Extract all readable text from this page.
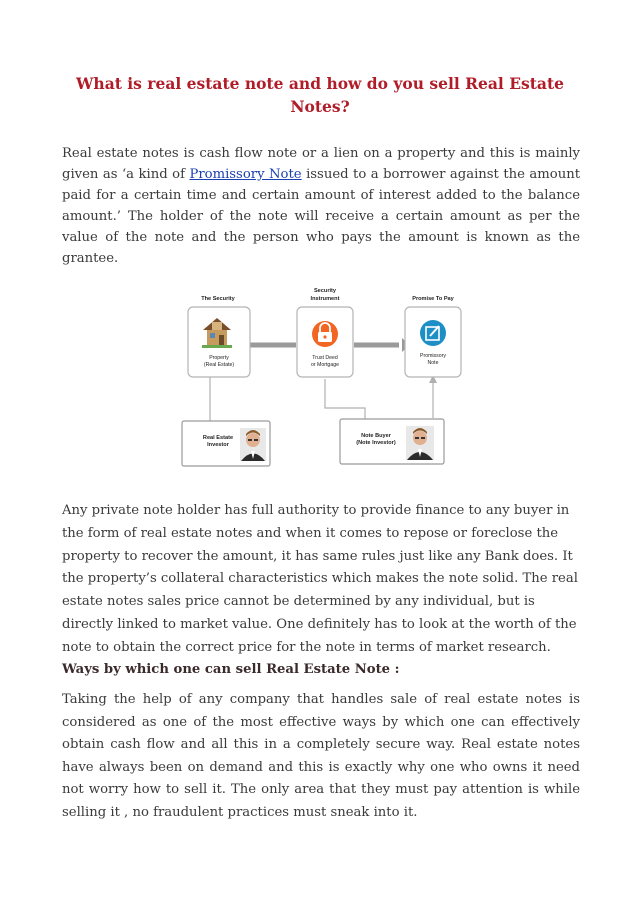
What is real estate note and how do you sell Real Estate Notes?

Real estate notes is cash flow note or a lien on a property and this is mainly given as ‘a kind of Promissory Note issued to a borrower against the amount paid for a certain time and certain amount of interest added to the balance amount.’ The holder of the note will receive a certain amount as per the value of the note and the person who pays the amount is known as the grantee.

The Security
Security
Instrument	Promise To Pay
Property
(Real Estate)
Trust Deed
or Mortgage
Promissory
Note
Real Estate
Investor
Note Buyer
(Note Investor)

Any private note holder has full authority to provide finance to any buyer in the form of real estate notes and when it comes to repose or foreclose the property to recover the amount, it has same rules just like any Bank does. It the property’s collateral characteristics which makes the note solid. The real estate notes sales price cannot be determined by any individual, but is directly linked to market value. One definitely has to look at the worth of the note to obtain the correct price for the note in terms of market research.

Ways by which one can sell Real Estate Note :

Taking the help of any company that handles sale of real estate notes is considered as one of the most effective ways by which one can effectively obtain cash flow and all this in a completely secure way. Real estate notes have always been on demand and this is exactly why one who owns it need not worry how to sell it. The only area that they must pay attention is while selling it , no fraudulent practices must sneak into it.
